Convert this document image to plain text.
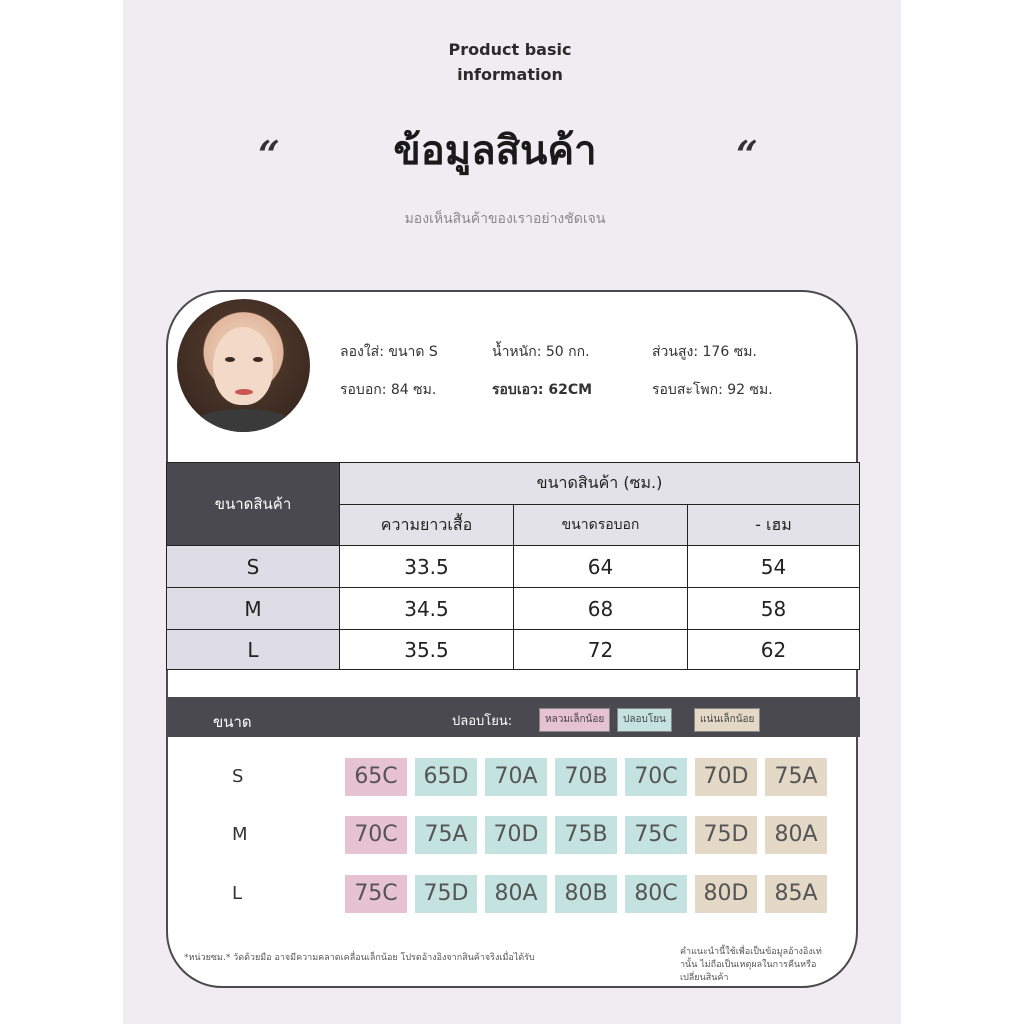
Product basic
information
“	ข้อมูลสินค้า	“
มองเห็นสินค้าของเราอย่างชัดเจน
ลองใส่: ขนาด S	น้ำหนัก: 50 กก.	ส่วนสูง: 176 ซม.
รอบอก: 84 ซม.	รอบเอว: 62CM	รอบสะโพก: 92 ซม.
ขนาดสินค้า	ขนาดสินค้า (ซม.)		
	ความยาวเสื้อ	ขนาดรอบอก	- เฮม
S	33.5	64	54
M	34.5	68	58
L	35.5	72	62
ขนาด	ปลอบโยน:	หลวมเล็กน้อย	ปลอบโยน	แน่นเล็กน้อย
S	65C	65D	70A	70B	70C	70D	75A
M	70C	75A	70D	75B	75C	75D	80A
L	75C	75D	80A	80B	80C	80D	85A
*หน่วยซม.* วัดด้วยมือ อาจมีความคลาดเคลื่อนเล็กน้อย โปรดอ้างอิงจากสินค้าจริงเมื่อได้รับ
คำแนะนำนี้ใช้เพื่อเป็นข้อมูลอ้างอิงเท่
านั้น ไม่ถือเป็นเหตุผลในการคืนหรือ
เปลี่ยนสินค้า
